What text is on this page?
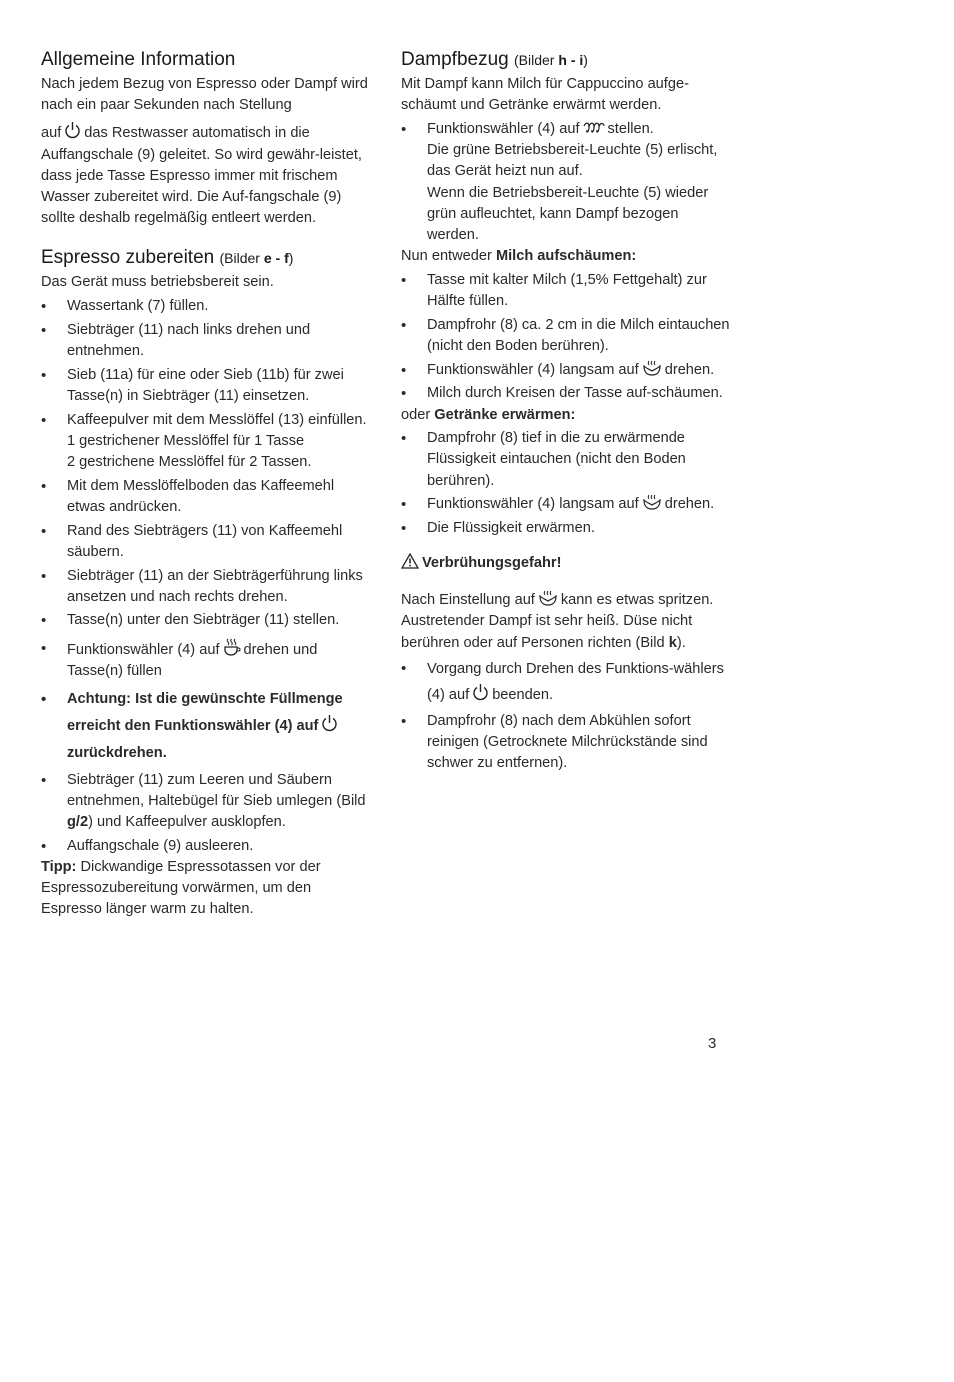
Allgemeine Information

Nach jedem Bezug von Espresso oder Dampf wird nach ein paar Sekunden nach Stellung

auf das Restwasser automatisch in die Auffangschale (9) geleitet. So wird gewähr-leistet, dass jede Tasse Espresso immer mit frischem Wasser zubereitet wird. Die Auf-fangschale (9) sollte deshalb regelmäßig entleert werden.

Espresso zubereiten (Bilder e - f)

Das Gerät muss betriebsbereit sein.

• Wassertank (7) füllen.
• Siebträger (11) nach links drehen und entnehmen.
• Sieb (11a) für eine oder Sieb (11b) für zwei Tasse(n) in Siebträger (11) einsetzen.
• Kaffeepulver mit dem Messlöffel (13) einfüllen.
1 gestrichener Messlöffel für 1 Tasse
2 gestrichene Messlöffel für 2 Tassen.
• Mit dem Messlöffelboden das Kaffeemehl etwas andrücken.
• Rand des Siebträgers (11) von Kaffeemehl säubern.
• Siebträger (11) an der Siebträgerführung links ansetzen und nach rechts drehen.
• Tasse(n) unter den Siebträger (11) stellen.
• Funktionswähler (4) auf drehen und Tasse(n) füllen
• Achtung: Ist die gewünschte Füllmenge erreicht den Funktionswähler (4) auf

zurückdrehen.
• Siebträger (11) zum Leeren und Säubern entnehmen, Haltebügel für Sieb umlegen (Bild g/2) und Kaffeepulver ausklopfen.
• Auffangschale (9) ausleeren.

Tipp: Dickwandige Espressotassen vor der Espressozubereitung vorwärmen, um den Espresso länger warm zu halten.

Dampfbezug (Bilder h - i)

Mit Dampf kann Milch für Cappuccino aufge-schäumt und Getränke erwärmt werden.

• Funktionswähler (4) auf stellen.
Die grüne Betriebsbereit-Leuchte (5) erlischt, das Gerät heizt nun auf.
Wenn die Betriebsbereit-Leuchte (5) wieder grün aufleuchtet, kann Dampf bezogen werden.

Nun entweder Milch aufschäumen:

• Tasse mit kalter Milch (1,5% Fettgehalt) zur Hälfte füllen.
• Dampfrohr (8) ca. 2 cm in die Milch eintauchen (nicht den Boden berühren).
• Funktionswähler (4) langsam auf drehen.
• Milch durch Kreisen der Tasse auf-schäumen.

oder Getränke erwärmen:

• Dampfrohr (8) tief in die zu erwärmende Flüssigkeit eintauchen (nicht den Boden berühren).
• Funktionswähler (4) langsam auf drehen.
• Die Flüssigkeit erwärmen.
Verbrühungsgefahr!

Nach Einstellung auf kann es etwas spritzen. Austretender Dampf ist sehr heiß. Düse nicht berühren oder auf Personen richten (Bild k).

• Vorgang durch Drehen des Funktions-wählers (4) auf beenden.
• Dampfrohr (8) nach dem Abkühlen sofort reinigen (Getrocknete Milchrückstände sind schwer zu entfernen).
3
